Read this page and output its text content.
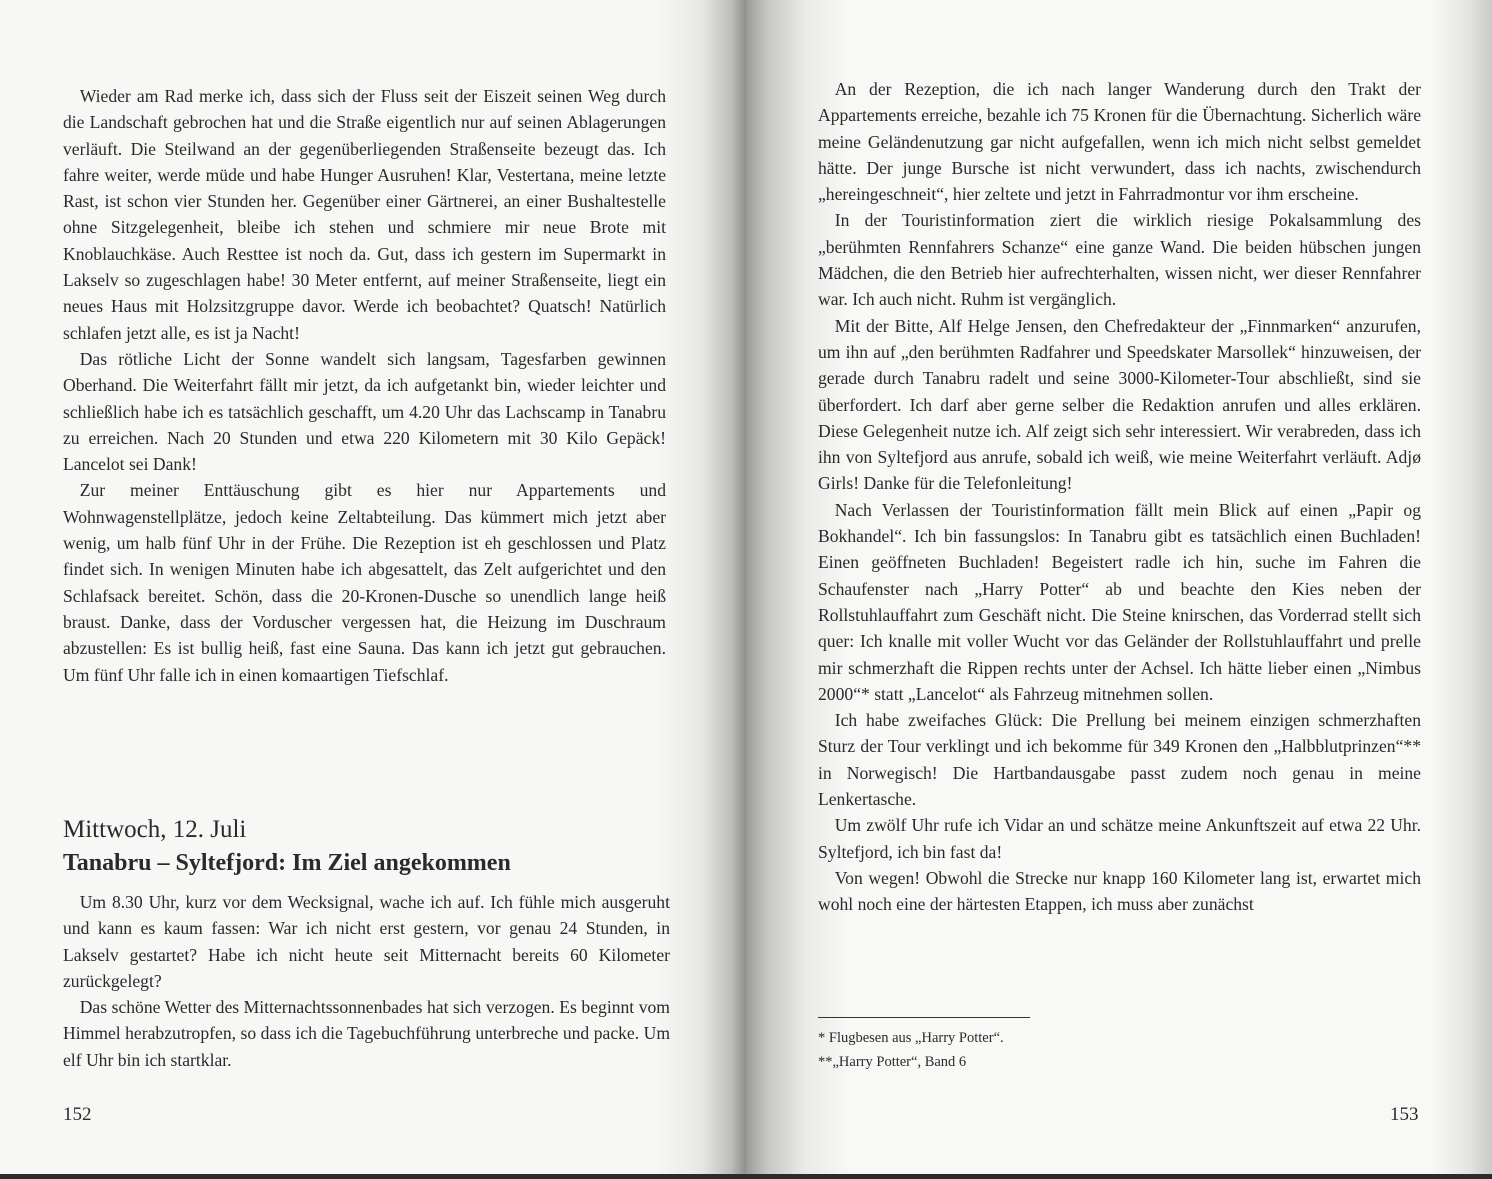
Wieder am Rad merke ich, dass sich der Fluss seit der Eiszeit seinen Weg durch die Landschaft gebrochen hat und die Straße eigentlich nur auf seinen Ablagerungen verläuft. Die Steilwand an der gegenüberliegenden Straßenseite bezeugt das. Ich fahre weiter, werde müde und habe Hunger Ausruhen! Klar, Vestertana, meine letzte Rast, ist schon vier Stunden her. Gegenüber einer Gärtnerei, an einer Bushaltestelle ohne Sitzgelegenheit, bleibe ich stehen und schmiere mir neue Brote mit Knoblauchkäse. Auch Resttee ist noch da. Gut, dass ich gestern im Supermarkt in Lakselv so zugeschlagen habe! 30 Meter entfernt, auf meiner Straßenseite, liegt ein neues Haus mit Holzsitzgruppe davor. Werde ich beobachtet? Quatsch! Natürlich schlafen jetzt alle, es ist ja Nacht!

Das rötliche Licht der Sonne wandelt sich langsam, Tagesfarben gewinnen Oberhand. Die Weiterfahrt fällt mir jetzt, da ich aufgetankt bin, wieder leichter und schließlich habe ich es tatsächlich geschafft, um 4.20 Uhr das Lachscamp in Tanabru zu erreichen. Nach 20 Stunden und etwa 220 Kilometern mit 30 Kilo Gepäck! Lancelot sei Dank!

Zur meiner Enttäuschung gibt es hier nur Appartements und Wohnwagenstellplätze, jedoch keine Zeltabteilung. Das kümmert mich jetzt aber wenig, um halb fünf Uhr in der Frühe. Die Rezeption ist eh geschlossen und Platz findet sich. In wenigen Minuten habe ich abgesattelt, das Zelt aufgerichtet und den Schlafsack bereitet. Schön, dass die 20-Kronen-Dusche so unendlich lange heiß braust. Danke, dass der Vorduscher vergessen hat, die Heizung im Duschraum abzustellen: Es ist bullig heiß, fast eine Sauna. Das kann ich jetzt gut gebrauchen. Um fünf Uhr falle ich in einen komaartigen Tiefschlaf.

Mittwoch, 12. Juli
Tanabru – Syltefjord: Im Ziel angekommen

Um 8.30 Uhr, kurz vor dem Wecksignal, wache ich auf. Ich fühle mich ausgeruht und kann es kaum fassen: War ich nicht erst gestern, vor genau 24 Stunden, in Lakselv gestartet? Habe ich nicht heute seit Mitternacht bereits 60 Kilometer zurückgelegt?

Das schöne Wetter des Mitternachtssonnenbades hat sich verzogen. Es beginnt vom Himmel herabzutropfen, so dass ich die Tagebuchführung unterbreche und packe. Um elf Uhr bin ich startklar.

152

An der Rezeption, die ich nach langer Wanderung durch den Trakt der Appartements erreiche, bezahle ich 75 Kronen für die Übernachtung. Sicherlich wäre meine Geländenutzung gar nicht aufgefallen, wenn ich mich nicht selbst gemeldet hätte. Der junge Bursche ist nicht verwundert, dass ich nachts, zwischendurch „hereingeschneit“, hier zeltete und jetzt in Fahrradmontur vor ihm erscheine.

In der Touristinformation ziert die wirklich riesige Pokalsammlung des „berühmten Rennfahrers Schanze“ eine ganze Wand. Die beiden hübschen jungen Mädchen, die den Betrieb hier aufrechterhalten, wissen nicht, wer dieser Rennfahrer war. Ich auch nicht. Ruhm ist vergänglich.

Mit der Bitte, Alf Helge Jensen, den Chefredakteur der „Finnmarken“ anzurufen, um ihn auf „den berühmten Radfahrer und Speedskater Marsollek“ hinzuweisen, der gerade durch Tanabru radelt und seine 3000-Kilometer-Tour abschließt, sind sie überfordert. Ich darf aber gerne selber die Redaktion anrufen und alles erklären. Diese Gelegenheit nutze ich. Alf zeigt sich sehr interessiert. Wir verabreden, dass ich ihn von Syltefjord aus anrufe, sobald ich weiß, wie meine Weiterfahrt verläuft. Adjø Girls! Danke für die Telefonleitung!

Nach Verlassen der Touristinformation fällt mein Blick auf einen „Papir og Bokhandel“. Ich bin fassungslos: In Tanabru gibt es tatsächlich einen Buchladen! Einen geöffneten Buchladen! Begeistert radle ich hin, suche im Fahren die Schaufenster nach „Harry Potter“ ab und beachte den Kies neben der Rollstuhlauffahrt zum Geschäft nicht. Die Steine knirschen, das Vorderrad stellt sich quer: Ich knalle mit voller Wucht vor das Geländer der Rollstuhlauffahrt und prelle mir schmerzhaft die Rippen rechts unter der Achsel. Ich hätte lieber einen „Nimbus 2000“* statt „Lancelot“ als Fahrzeug mitnehmen sollen.

Ich habe zweifaches Glück: Die Prellung bei meinem einzigen schmerzhaften Sturz der Tour verklingt und ich bekomme für 349 Kronen den „Halbblutprinzen“** in Norwegisch! Die Hartbandausgabe passt zudem noch genau in meine Lenkertasche.

Um zwölf Uhr rufe ich Vidar an und schätze meine Ankunftszeit auf etwa 22 Uhr. Syltefjord, ich bin fast da!

Von wegen! Obwohl die Strecke nur knapp 160 Kilometer lang ist, erwartet mich wohl noch eine der härtesten Etappen, ich muss aber zunächst

* Flugbesen aus „Harry Potter“.
**„Harry Potter“, Band 6
153
